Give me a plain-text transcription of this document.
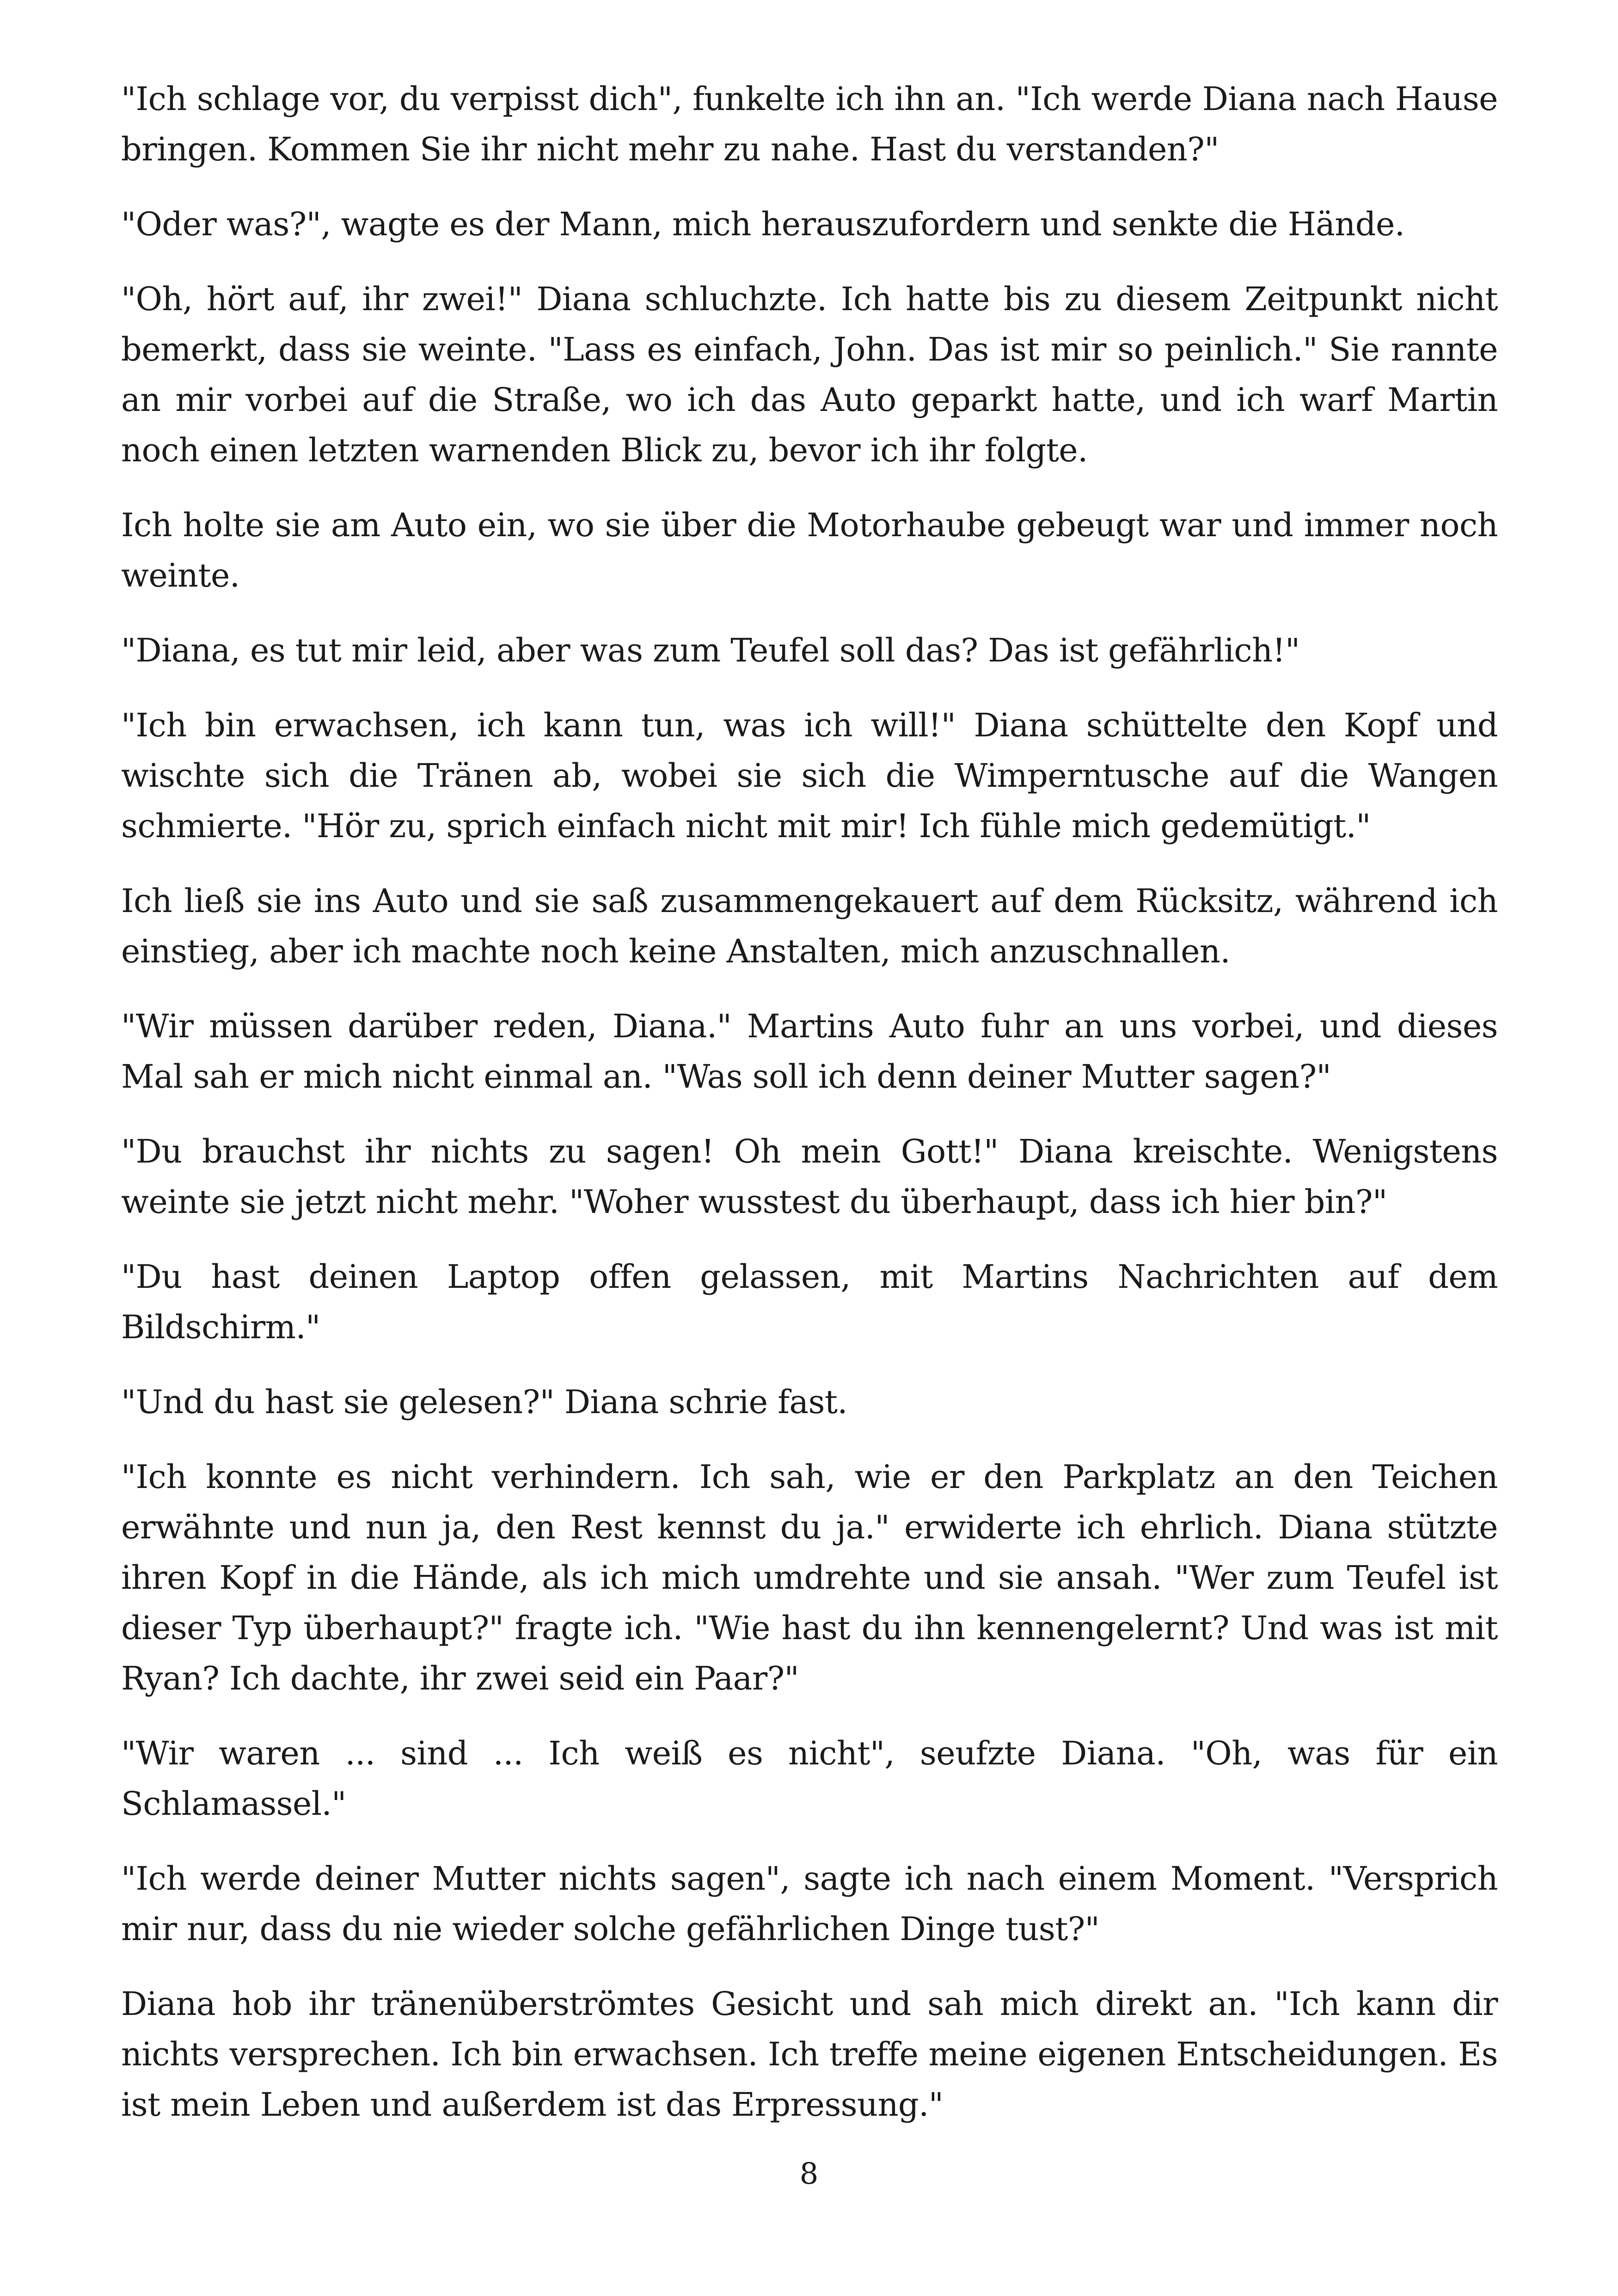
"Ich schlage vor, du verpisst dich", funkelte ich ihn an. "Ich werde Diana nach Hause bringen. Kommen Sie ihr nicht mehr zu nahe. Hast du verstanden?"

"Oder was?", wagte es der Mann, mich herauszufordern und senkte die Hände.

"Oh, hört auf, ihr zwei!" Diana schluchzte. Ich hatte bis zu diesem Zeitpunkt nicht bemerkt, dass sie weinte. "Lass es einfach, John. Das ist mir so peinlich." Sie rannte an mir vorbei auf die Straße, wo ich das Auto geparkt hatte, und ich warf Martin noch einen letzten warnenden Blick zu, bevor ich ihr folgte.

Ich holte sie am Auto ein, wo sie über die Motorhaube gebeugt war und immer noch weinte.

"Diana, es tut mir leid, aber was zum Teufel soll das? Das ist gefährlich!"

"Ich bin erwachsen, ich kann tun, was ich will!" Diana schüttelte den Kopf und wischte sich die Tränen ab, wobei sie sich die Wimperntusche auf die Wangen schmierte. "Hör zu, sprich einfach nicht mit mir! Ich fühle mich gedemütigt."

Ich ließ sie ins Auto und sie saß zusammengekauert auf dem Rücksitz, während ich einstieg, aber ich machte noch keine Anstalten, mich anzuschnallen.

"Wir müssen darüber reden, Diana." Martins Auto fuhr an uns vorbei, und dieses Mal sah er mich nicht einmal an. "Was soll ich denn deiner Mutter sagen?"

"Du brauchst ihr nichts zu sagen! Oh mein Gott!" Diana kreischte. Wenigstens weinte sie jetzt nicht mehr. "Woher wusstest du überhaupt, dass ich hier bin?"

"Du hast deinen Laptop offen gelassen, mit Martins Nachrichten auf dem Bildschirm."

"Und du hast sie gelesen?" Diana schrie fast.

"Ich konnte es nicht verhindern. Ich sah, wie er den Parkplatz an den Teichen erwähnte und nun ja, den Rest kennst du ja." erwiderte ich ehrlich. Diana stützte ihren Kopf in die Hände, als ich mich umdrehte und sie ansah. "Wer zum Teufel ist dieser Typ überhaupt?" fragte ich. "Wie hast du ihn kennengelernt? Und was ist mit Ryan? Ich dachte, ihr zwei seid ein Paar?"

"Wir waren ... sind ... Ich weiß es nicht", seufzte Diana. "Oh, was für ein Schlamassel."

"Ich werde deiner Mutter nichts sagen", sagte ich nach einem Moment. "Versprich mir nur, dass du nie wieder solche gefährlichen Dinge tust?"

Diana hob ihr tränenüberströmtes Gesicht und sah mich direkt an. "Ich kann dir nichts versprechen. Ich bin erwachsen. Ich treffe meine eigenen Entscheidungen. Es ist mein Leben und außerdem ist das Erpressung."

8
